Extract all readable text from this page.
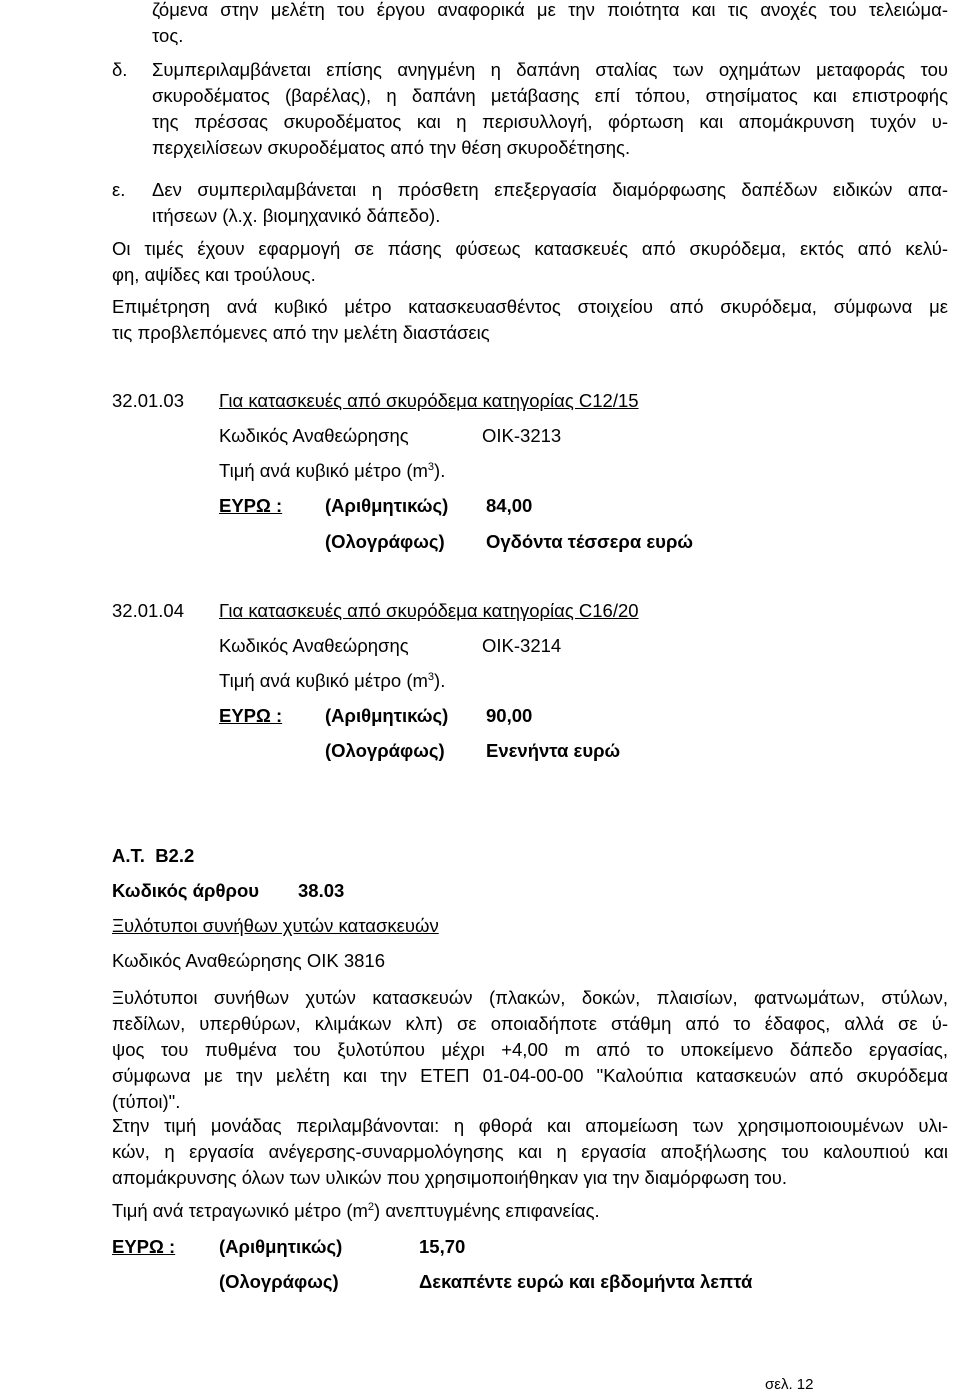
ζόμενα στην μελέτη του έργου αναφορικά με την ποιότητα και τις ανοχές του τελειώμα-
τος.
δ. Συμπεριλαμβάνεται επίσης ανηγμένη η δαπάνη σταλίας των οχημάτων μεταφοράς του
σκυροδέματος (βαρέλας), η δαπάνη μετάβασης επί τόπου, στησίματος και επιστροφής
της πρέσσας σκυροδέματος και η περισυλλογή, φόρτωση και απομάκρυνση τυχόν υ-
περχειλίσεων σκυροδέματος από την θέση σκυροδέτησης.
ε. Δεν συμπεριλαμβάνεται η πρόσθετη επεξεργασία διαμόρφωσης δαπέδων ειδικών απα-
ιτήσεων (λ.χ. βιομηχανικό δάπεδο).
Οι τιμές έχουν εφαρμογή σε πάσης φύσεως κατασκευές από σκυρόδεμα, εκτός από κελύ-
φη, αψίδες και τρούλους.
Επιμέτρηση ανά κυβικό μέτρο κατασκευασθέντος στοιχείου από σκυρόδεμα, σύμφωνα με
τις προβλεπόμενες από την μελέτη διαστάσεις
32.01.03 Για κατασκευές από σκυρόδεμα κατηγορίας C12/15
Κωδικός Αναθεώρησης	ΟΙΚ-3213
Τιμή ανά κυβικό μέτρο $(m^3)$.
ΕΥΡΩ : (Αριθμητικώς) 84,00
(Ολογράφως) Ογδόντα τέσσερα ευρώ
32.01.04 Για κατασκευές από σκυρόδεμα κατηγορίας C16/20
Κωδικός Αναθεώρησης	ΟΙΚ-3214
Τιμή ανά κυβικό μέτρο $(m^3)$.
ΕΥΡΩ : (Αριθμητικώς) 90,00
(Ολογράφως) Ενενήντα ευρώ
Α.Τ.  Β2.2
Κωδικός άρθρου 38.03
Ξυλότυποι συνήθων χυτών κατασκευών
Κωδικός Αναθεώρησης ΟΙΚ 3816
Ξυλότυποι συνήθων χυτών κατασκευών (πλακών, δοκών, πλαισίων, φατνωμάτων, στύλων,
πεδίλων, υπερθύρων, κλιμάκων κλπ) σε οποιαδήποτε στάθμη από το έδαφος, αλλά σε ύ-
ψος του πυθμένα του ξυλοτύπου μέχρι +4,00 m από το υποκείμενο δάπεδο εργασίας,
σύμφωνα με την μελέτη και την ΕΤΕΠ 01-04-00-00 "Καλούπια κατασκευών από σκυρόδεμα
(τύποι)".
Στην τιμή μονάδας περιλαμβάνονται: η φθορά και απομείωση των χρησιμοποιουμένων υλι-
κών, η εργασία ανέγερσης-συναρμολόγησης και η εργασία αποξήλωσης του καλουπιού και
απομάκρυνσης όλων των υλικών που χρησιμοποιήθηκαν για την διαμόρφωση του.
Τιμή ανά τετραγωνικό μέτρο $(m^2)$ ανεπτυγμένης επιφανείας.
ΕΥΡΩ : (Αριθμητικώς)	15,70
(Ολογράφως)	Δεκαπέντε ευρώ και εβδομήντα λεπτά
σελ. 12
